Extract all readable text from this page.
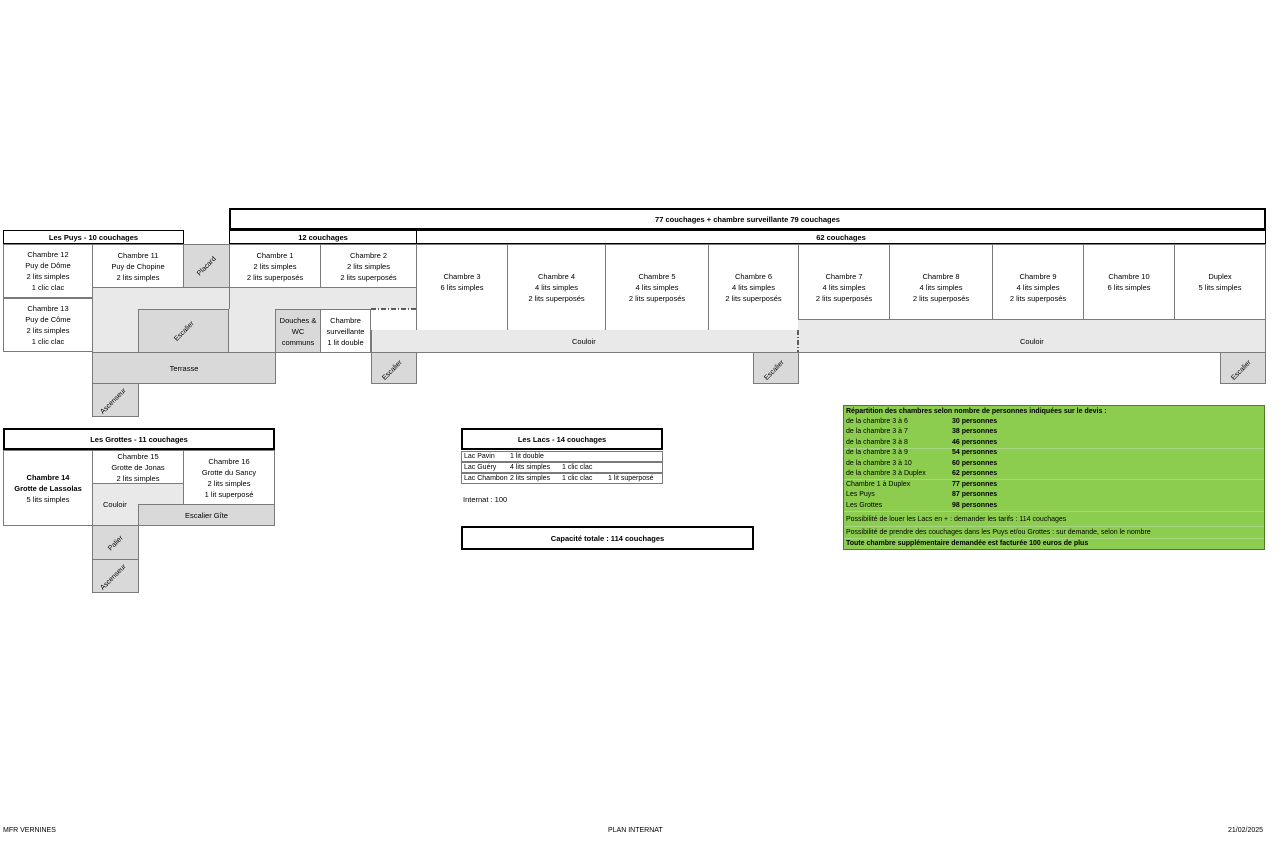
77 couchages + chambre surveillante 79 couchages
Les Puys - 10 couchages	12 couchages	62 couchages
Chambre 12
Puy de Dôme
2 lits simples
1 clic clac
Chambre 13
Puy de Côme
2 lits simples
1 clic clac
Chambre 11
Puy de Chopine
2 lits simples
Placard
Escalier
Terrasse
Ascenseur
Chambre 1
2 lits simples
2 lits superposés
Chambre 2
2 lits simples
2 lits superposés
Douches &
WC
communs
Chambre
surveillante
1 lit double
Escalier
Chambre 3
6 lits simples
Chambre 4
4 lits simples
2 lits superposés
Chambre 5
4 lits simples
2 lits superposés
Chambre 6
4 lits simples
2 lits superposés
Chambre 7
4 lits simples
2 lits superposés
Chambre 8
4 lits simples
2 lits superposés
Chambre 9
4 lits simples
2 lits superposés
Chambre 10
6 lits simples
Duplex
5 lits simples
Couloir	Couloir
Escalier	Escalier
Les Grottes - 11 couchages
Chambre 14
Grotte de Lassolas
5 lits simples
Chambre 15
Grotte de Jonas
2 lits simples
Chambre 16
Grotte du Sancy
2 lits simples
1 lit superposé
Couloir
Escalier Gîte
Palier
Ascenseur
Les Lacs - 14 couchages
Lac Pavin 1 lit double
Lac Guéry 4 lits simples 1 clic clac
Lac Chambon 2 lits simples 1 clic clac 1 lit superposé
Internat : 100
Capacité totale : 114 couchages
Répartition des chambres selon nombre de personnes indiquées sur le devis :
de la chambre 3 à 6	30 personnes
de la chambre 3 à 7	38 personnes
de la chambre 3 à 8	46 personnes
de la chambre 3 à 9	54 personnes
de la chambre 3 à 10	60 personnes
de la chambre 3 à Duplex	62 personnes
Chambre 1 à Duplex	77 personnes
Les Puys	87 personnes
Les Grottes	98 personnes
Possibilité de louer les Lacs en + : demander les tarifs : 114 couchages
Possibilité de prendre des couchages dans les Puys et/ou Grottes : sur demande, selon le nombre
Toute chambre supplémentaire demandée est facturée 100 euros de plus
MFR VERNINES	PLAN INTERNAT	21/02/2025
